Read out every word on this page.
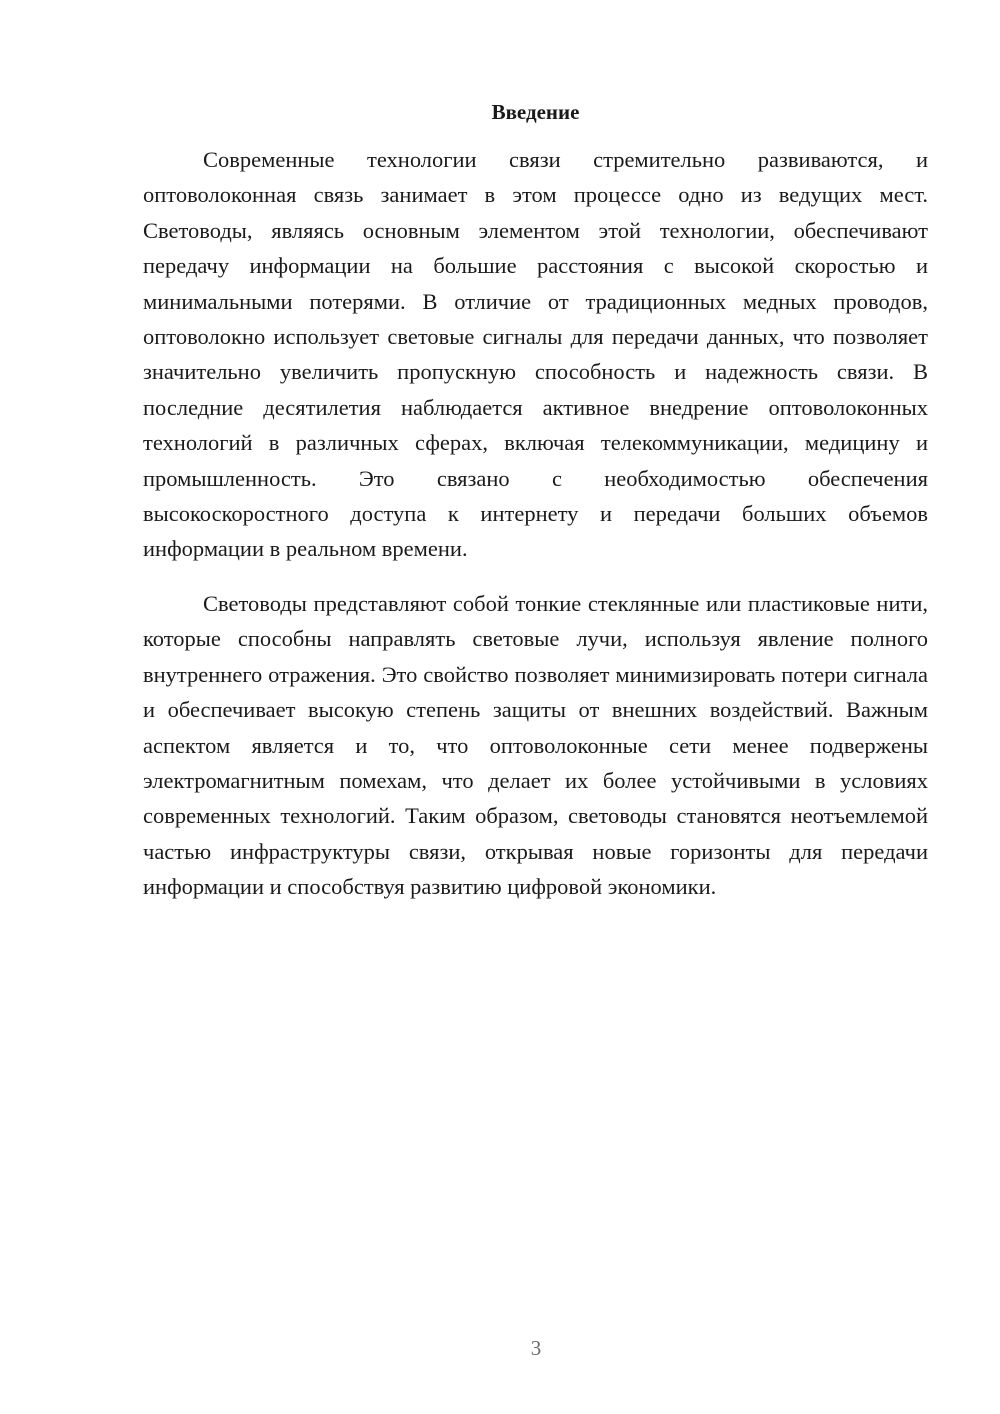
Введение

Современные технологии связи стремительно развиваются, и оптоволоконная связь занимает в этом процессе одно из ведущих мест. Световоды, являясь основным элементом этой технологии, обеспечивают передачу информации на большие расстояния с высокой скоростью и минимальными потерями. В отличие от традиционных медных проводов, оптоволокно использует световые сигналы для передачи данных, что позволяет значительно увеличить пропускную способность и надежность связи. В последние десятилетия наблюдается активное внедрение оптоволоконных технологий в различных сферах, включая телекоммуникации, медицину и промышленность. Это связано с необходимостью обеспечения высокоскоростного доступа к интернету и передачи больших объемов информации в реальном времени.

Световоды представляют собой тонкие стеклянные или пластиковые нити, которые способны направлять световые лучи, используя явление полного внутреннего отражения. Это свойство позволяет минимизировать потери сигнала и обеспечивает высокую степень защиты от внешних воздействий. Важным аспектом является и то, что оптоволоконные сети менее подвержены электромагнитным помехам, что делает их более устойчивыми в условиях современных технологий. Таким образом, световоды становятся неотъемлемой частью инфраструктуры связи, открывая новые горизонты для передачи информации и способствуя развитию цифровой экономики.

3
